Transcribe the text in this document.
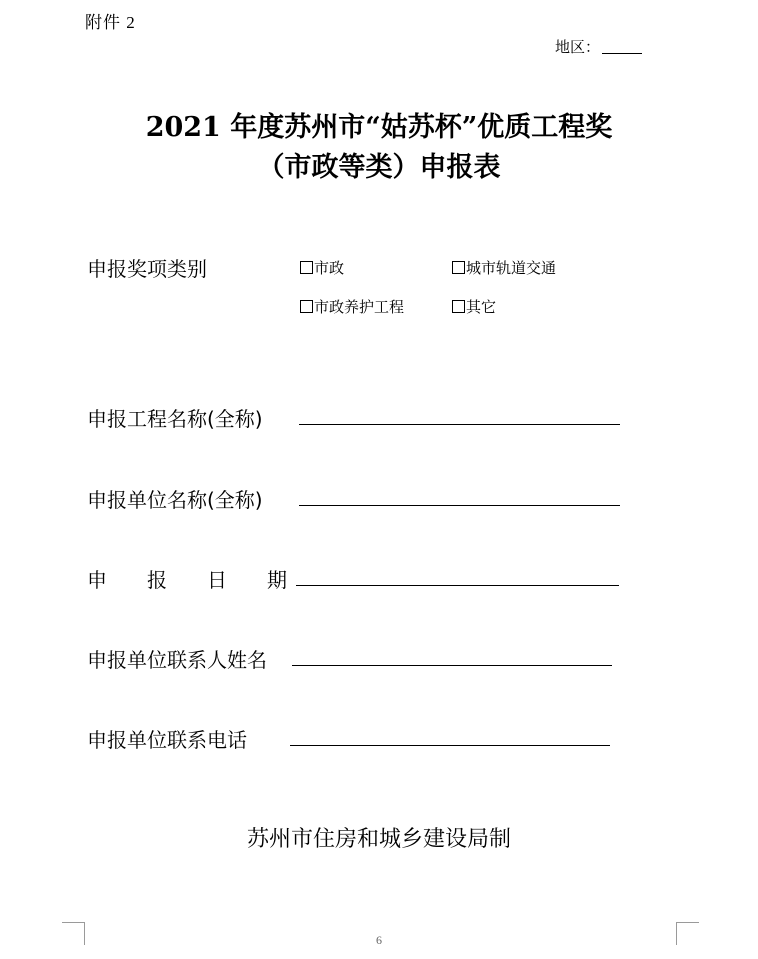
附件 2
地区：
2021 年度苏州市“姑苏杯”优质工程奖
（市政等类）申报表
申报奖项类别	市政	城市轨道交通
市政养护工程	其它
申报工程名称(全称)
申报单位名称(全称)
申　　报　　日　　期
申报单位联系人姓名
申报单位联系电话
苏州市住房和城乡建设局制
6
